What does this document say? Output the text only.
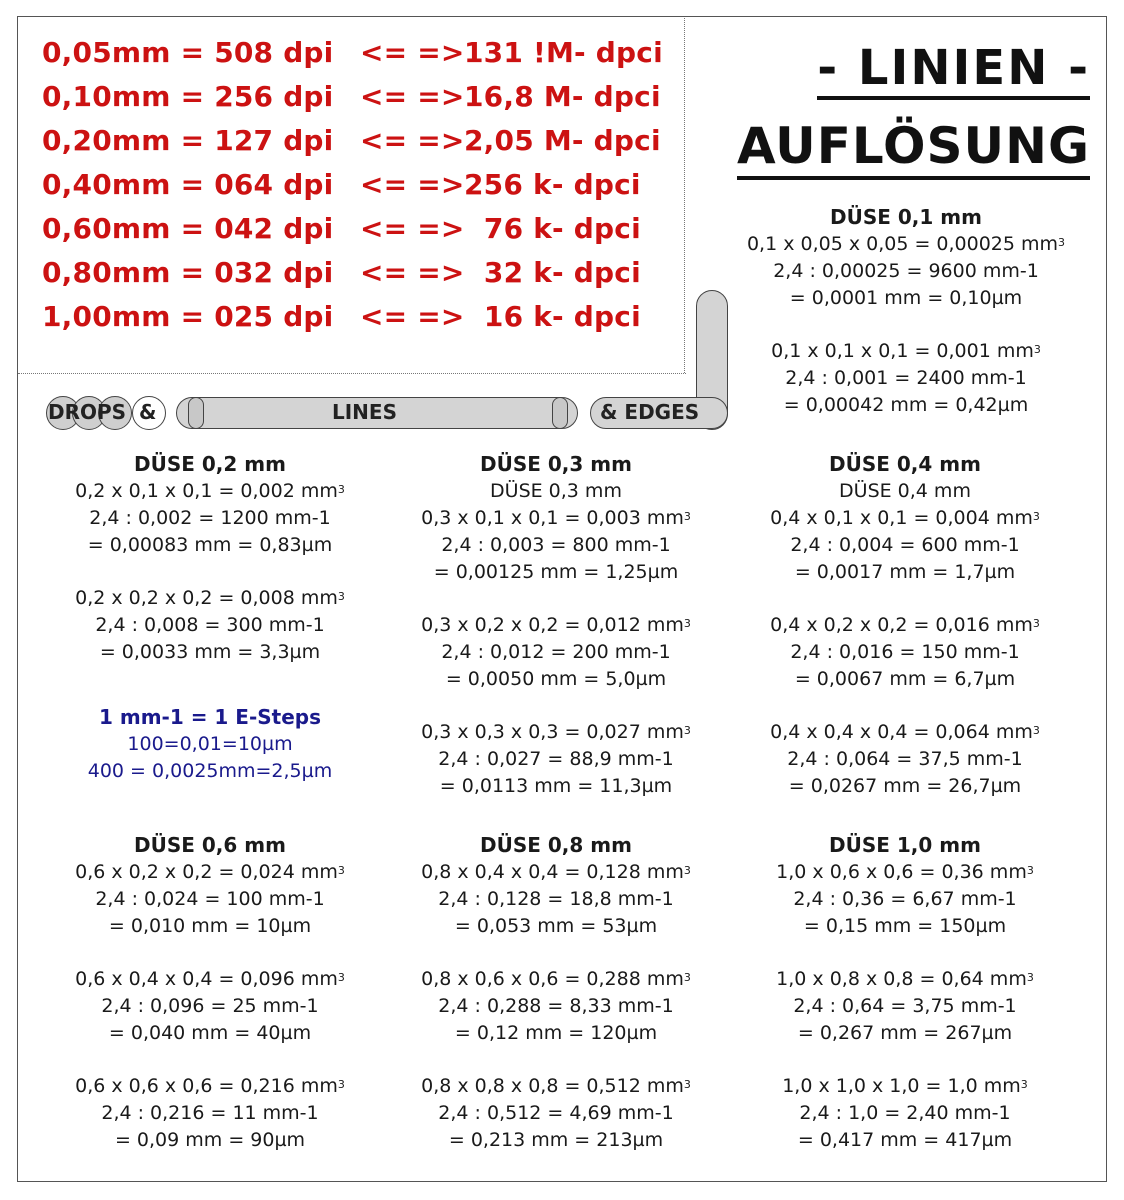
0,05mm = 508 dpi

<= =>

131 !M- dpci

0,10mm = 256 dpi

<= =>

16,8 M- dpci

0,20mm = 127 dpi

<= =>

2,05 M- dpci

0,40mm = 064 dpi

<= =>

256 k- dpci

0,60mm = 042 dpi

<= =>

76 k- dpci

0,80mm = 032 dpi

<= =>

32 k- dpci

1,00mm = 025 dpi

<= =>

16 k- dpci

- LINIEN -
AUFLÖSUNG
DROPS &	LINES	& EDGES
DÜSE 0,1 mm
0,1 x 0,05 x 0,05 = 0,00025 $mm^3$
2,4 : 0,00025 = 9600 mm-1
= 0,0001 mm = 0,10µm
0,1 x 0,1 x 0,1 = 0,001 $mm^3$
2,4 : 0,001 = 2400 mm-1
= 0,00042 mm = 0,42µm
DÜSE 0,2 mm
0,2 x 0,1 x 0,1 = 0,002 $mm^3$
2,4 : 0,002 = 1200 mm-1
= 0,00083 mm = 0,83µm
0,2 x 0,2 x 0,2 = 0,008 $mm^3$
2,4 : 0,008 = 300 mm-1
= 0,0033 mm = 3,3µm
1 mm-1 = 1 E-Steps
100=0,01=10µm
400 = 0,0025mm=2,5µm
DÜSE 0,3 mm
DÜSE 0,3 mm
0,3 x 0,1 x 0,1 = 0,003 $mm^3$
2,4 : 0,003 = 800 mm-1
= 0,00125 mm = 1,25µm
0,3 x 0,2 x 0,2 = 0,012 $mm^3$
2,4 : 0,012 = 200 mm-1
= 0,0050 mm = 5,0µm
0,3 x 0,3 x 0,3 = 0,027 $mm^3$
2,4 : 0,027 = 88,9 mm-1
= 0,0113 mm = 11,3µm
DÜSE 0,4 mm
DÜSE 0,4 mm
0,4 x 0,1 x 0,1 = 0,004 $mm^3$
2,4 : 0,004 = 600 mm-1
= 0,0017 mm = 1,7µm
0,4 x 0,2 x 0,2 = 0,016 $mm^3$
2,4 : 0,016 = 150 mm-1
= 0,0067 mm = 6,7µm
0,4 x 0,4 x 0,4 = 0,064 $mm^3$
2,4 : 0,064 = 37,5 mm-1
= 0,0267 mm = 26,7µm
DÜSE 0,6 mm
0,6 x 0,2 x 0,2 = 0,024 $mm^3$
2,4 : 0,024 = 100 mm-1
= 0,010 mm = 10µm
0,6 x 0,4 x 0,4 = 0,096 $mm^3$
2,4 : 0,096 = 25 mm-1
= 0,040 mm = 40µm
0,6 x 0,6 x 0,6 = 0,216 $mm^3$
2,4 : 0,216 = 11 mm-1
= 0,09 mm = 90µm
DÜSE 0,8 mm
0,8 x 0,4 x 0,4 = 0,128 $mm^3$
2,4 : 0,128 = 18,8 mm-1
= 0,053 mm = 53µm
0,8 x 0,6 x 0,6 = 0,288 $mm^3$
2,4 : 0,288 = 8,33 mm-1
= 0,12 mm = 120µm
0,8 x 0,8 x 0,8 = 0,512 $mm^3$
2,4 : 0,512 = 4,69 mm-1
= 0,213 mm = 213µm
DÜSE 1,0 mm
1,0 x 0,6 x 0,6 = 0,36 $mm^3$
2,4 : 0,36 = 6,67 mm-1
= 0,15 mm = 150µm
1,0 x 0,8 x 0,8 = 0,64 $mm^3$
2,4 : 0,64 = 3,75 mm-1
= 0,267 mm = 267µm
1,0 x 1,0 x 1,0 = 1,0 $mm^3$
2,4 : 1,0 = 2,40 mm-1
= 0,417 mm = 417µm
